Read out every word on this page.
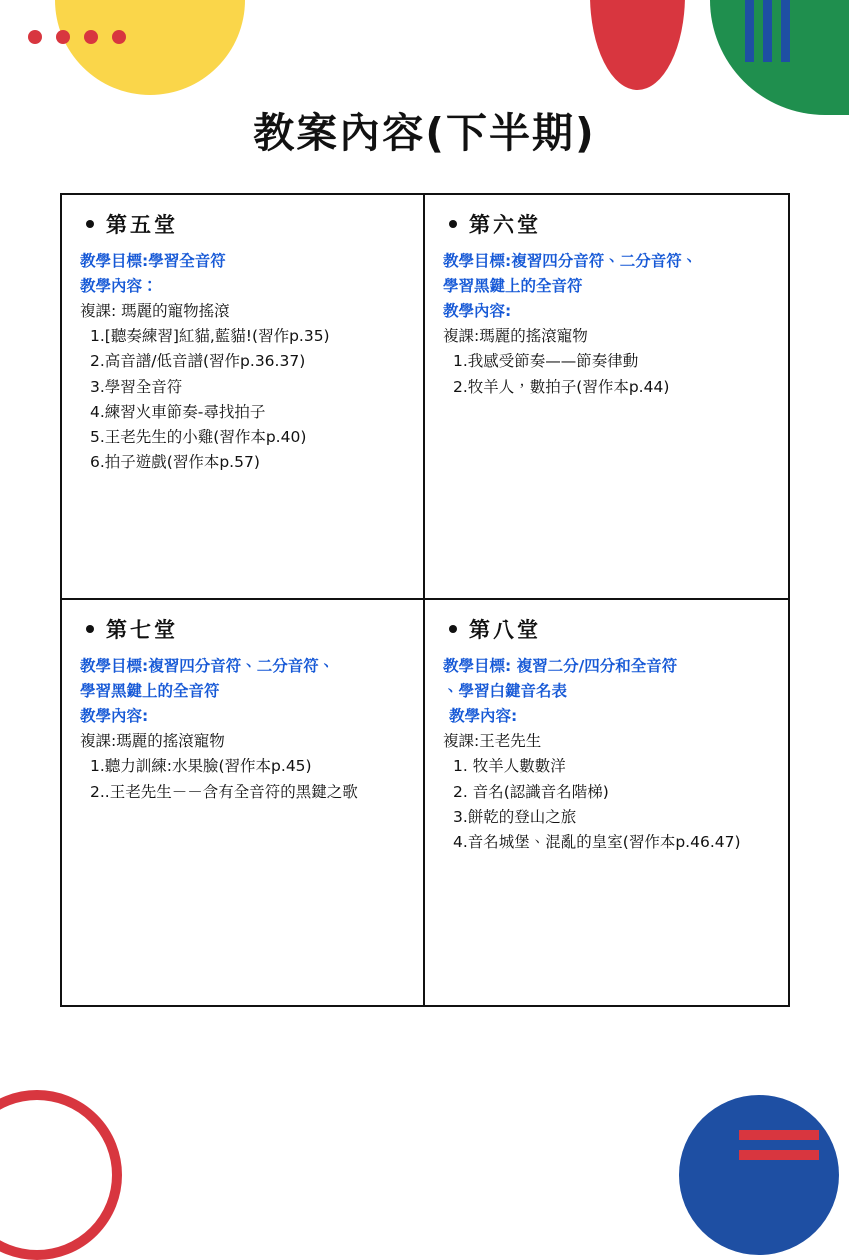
教案內容(下半期)
第五堂
教學目標:學習全音符
教學內容：
複課: 瑪麗的寵物搖滾
1.[聽奏練習]紅貓,藍貓!(習作p.35)
2.高音譜/低音譜(習作p.36.37)
3.學習全音符
4.練習火車節奏-尋找拍子
5.王老先生的小雞(習作本p.40)
6.拍子遊戲(習作本p.57)
第六堂
教學目標:複習四分音符、二分音符、
學習黑鍵上的全音符
教學內容:
複課:瑪麗的搖滾寵物
1.我感受節奏——節奏律動
2.牧羊人，數拍子(習作本p.44)
第七堂
教學目標:複習四分音符、二分音符、
學習黑鍵上的全音符
教學內容:
複課:瑪麗的搖滾寵物
1.聽力訓練:水果臉(習作本p.45)
2..王老先生－－含有全音符的黑鍵之歌
第八堂
教學目標: 複習二分/四分和全音符
、學習白鍵音名表
教學內容:
複課:王老先生
1. 牧羊人數數洋
2. 音名(認識音名階梯)
3.餅乾的登山之旅
4.音名城堡、混亂的皇室(習作本p.46.47)
